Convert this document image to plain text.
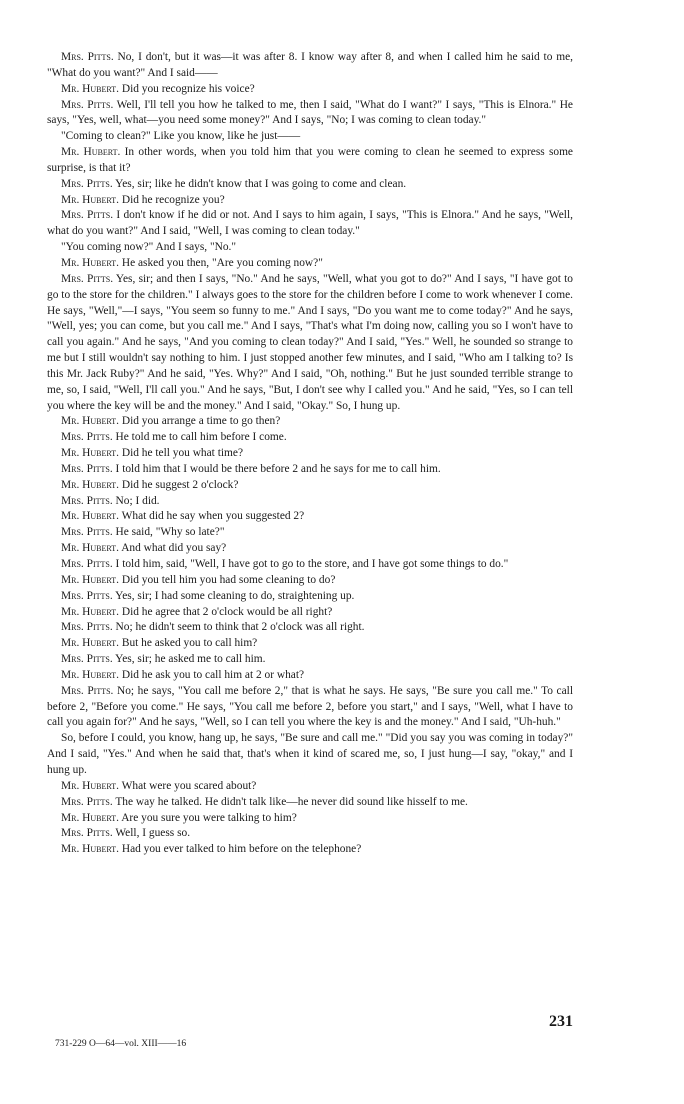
Mrs. Pitts. No, I don't, but it was—it was after 8. I know way after 8, and when I called him he said to me, "What do you want?" And I said——

Mr. Hubert. Did you recognize his voice?

Mrs. Pitts. Well, I'll tell you how he talked to me, then I said, "What do I want?" I says, "This is Elnora." He says, "Yes, well, what—you need some money?" And I says, "No; I was coming to clean today."

"Coming to clean?" Like you know, like he just——

Mr. Hubert. In other words, when you told him that you were coming to clean he seemed to express some surprise, is that it?

Mrs. Pitts. Yes, sir; like he didn't know that I was going to come and clean.

Mr. Hubert. Did he recognize you?

Mrs. Pitts. I don't know if he did or not. And I says to him again, I says, "This is Elnora." And he says, "Well, what do you want?" And I said, "Well, I was coming to clean today."

"You coming now?" And I says, "No."

Mr. Hubert. He asked you then, "Are you coming now?"

Mrs. Pitts. Yes, sir; and then I says, "No." And he says, "Well, what you got to do?" And I says, "I have got to go to the store for the children." I always goes to the store for the children before I come to work whenever I come. He says, "Well,"—I says, "You seem so funny to me." And I says, "Do you want me to come today?" And he says, "Well, yes; you can come, but you call me." And I says, "That's what I'm doing now, calling you so I won't have to call you again." And he says, "And you coming to clean today?" And I said, "Yes." Well, he sounded so strange to me but I still wouldn't say nothing to him. I just stopped another few minutes, and I said, "Who am I talking to? Is this Mr. Jack Ruby?" And he said, "Yes. Why?" And I said, "Oh, nothing." But he just sounded terrible strange to me, so, I said, "Well, I'll call you." And he says, "But, I don't see why I called you." And he said, "Yes, so I can tell you where the key will be and the money." And I said, "Okay." So, I hung up.

Mr. Hubert. Did you arrange a time to go then?

Mrs. Pitts. He told me to call him before I come.

Mr. Hubert. Did he tell you what time?

Mrs. Pitts. I told him that I would be there before 2 and he says for me to call him.

Mr. Hubert. Did he suggest 2 o'clock?

Mrs. Pitts. No; I did.

Mr. Hubert. What did he say when you suggested 2?

Mrs. Pitts. He said, "Why so late?"

Mr. Hubert. And what did you say?

Mrs. Pitts. I told him, said, "Well, I have got to go to the store, and I have got some things to do."

Mr. Hubert. Did you tell him you had some cleaning to do?

Mrs. Pitts. Yes, sir; I had some cleaning to do, straightening up.

Mr. Hubert. Did he agree that 2 o'clock would be all right?

Mrs. Pitts. No; he didn't seem to think that 2 o'clock was all right.

Mr. Hubert. But he asked you to call him?

Mrs. Pitts. Yes, sir; he asked me to call him.

Mr. Hubert. Did he ask you to call him at 2 or what?

Mrs. Pitts. No; he says, "You call me before 2," that is what he says. He says, "Be sure you call me." To call before 2, "Before you come." He says, "You call me before 2, before you start," and I says, "Well, what I have to call you again for?" And he says, "Well, so I can tell you where the key is and the money." And I said, "Uh-huh."

So, before I could, you know, hang up, he says, "Be sure and call me." "Did you say you was coming in today?" And I said, "Yes." And when he said that, that's when it kind of scared me, so, I just hung—I say, "okay," and I hung up.

Mr. Hubert. What were you scared about?

Mrs. Pitts. The way he talked. He didn't talk like—he never did sound like hisself to me.

Mr. Hubert. Are you sure you were talking to him?

Mrs. Pitts. Well, I guess so.

Mr. Hubert. Had you ever talked to him before on the telephone?

231
731-229 O—64—vol. XIII——16
